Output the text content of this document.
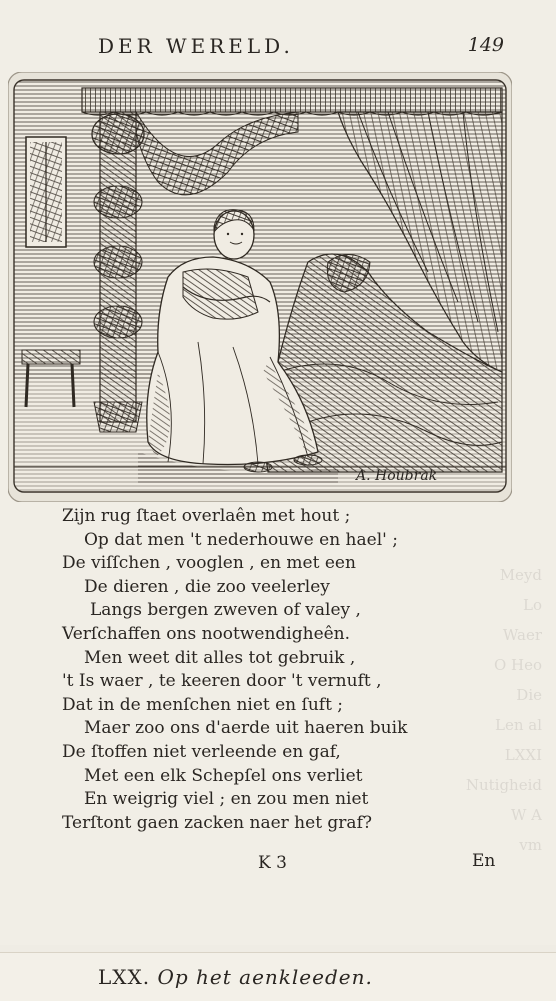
Meyd
Lo
Waer
O Heo
Die
Len al
LXXI
Nutigheid
W A
vm
DER WERELD.	149
A. Houbrak
Zijn rug ſtaet overlaên met hout ;
Op dat men 't nederhouwe en hael' ;
De viſſchen , vooglen , en met een
De dieren , die zoo veelerley
Langs bergen zweven of valey ,
Verſchaffen ons nootwendigheên.
Men weet dit alles tot gebruik ,
't Is waer , te keeren door 't vernuft ,
Dat in de menſchen niet en ſuft ;
Maer zoo ons d'aerde uit haeren buik
De ſtoffen niet verleende en gaf,
Met een elk Schepſel ons verliet
En weigrig viel ; en zou men niet
Terſtont gaen zacken naer het graf?
K 3	En
LXX. Op het aenkleeden.
